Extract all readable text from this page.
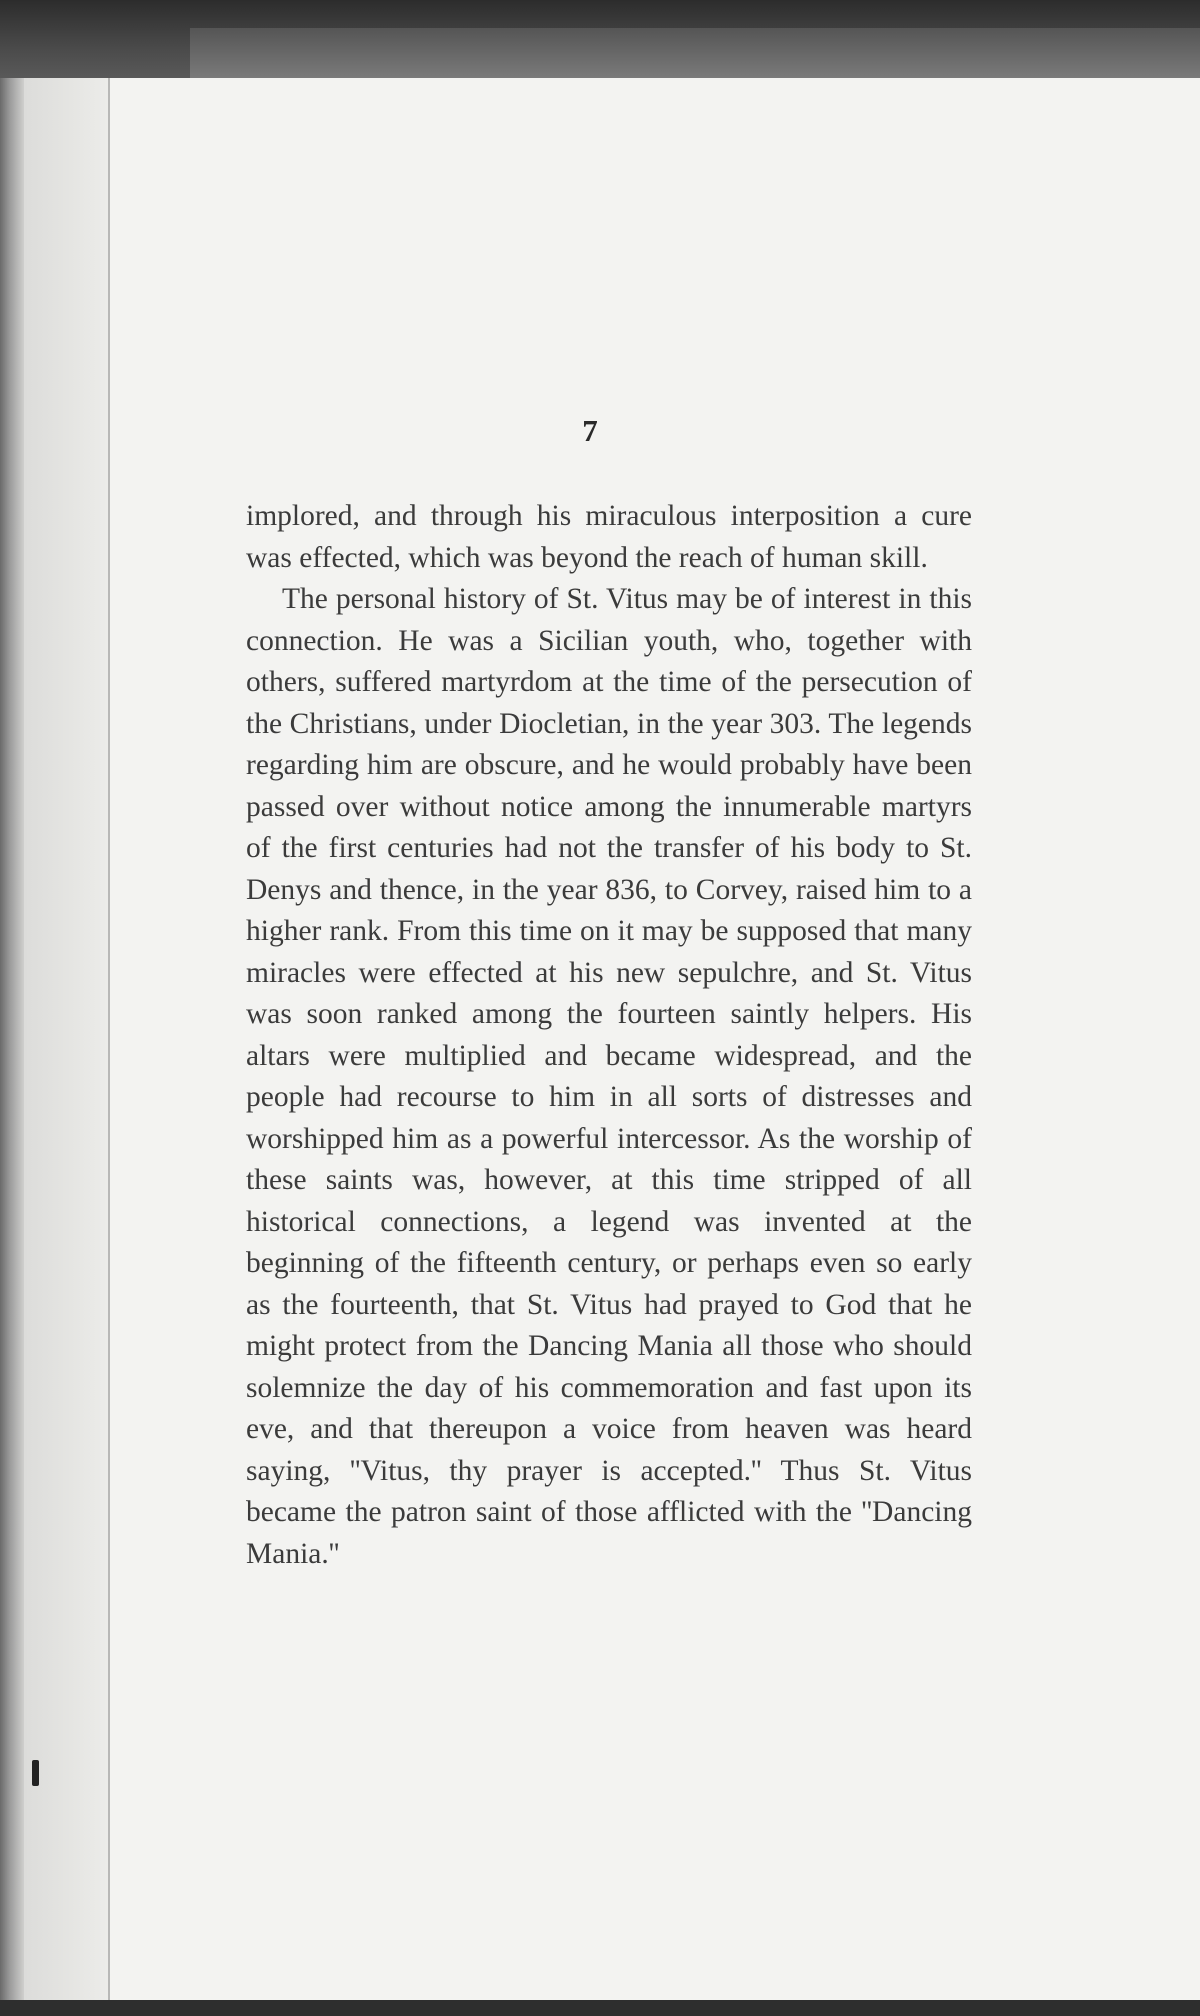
7

implored, and through his miraculous interposition a cure was effected, which was beyond the reach of human skill.

The personal history of St. Vitus may be of interest in this connection. He was a Sicilian youth, who, together with others, suffered martyrdom at the time of the persecution of the Christians, under Diocletian, in the year 303. The legends regarding him are obscure, and he would probably have been passed over without notice among the innumerable martyrs of the first centuries had not the transfer of his body to St. Denys and thence, in the year 836, to Corvey, raised him to a higher rank. From this time on it may be supposed that many miracles were effected at his new sepulchre, and St. Vitus was soon ranked among the fourteen saintly helpers. His altars were multiplied and became widespread, and the people had recourse to him in all sorts of distresses and worshipped him as a powerful intercessor. As the worship of these saints was, however, at this time stripped of all historical connections, a legend was invented at the beginning of the fifteenth century, or perhaps even so early as the fourteenth, that St. Vitus had prayed to God that he might protect from the Dancing Mania all those who should solemnize the day of his commemoration and fast upon its eve, and that thereupon a voice from heaven was heard saying, ''Vitus, thy prayer is accepted.'' Thus St. Vitus became the patron saint of those afflicted with the ''Dancing Mania.''
